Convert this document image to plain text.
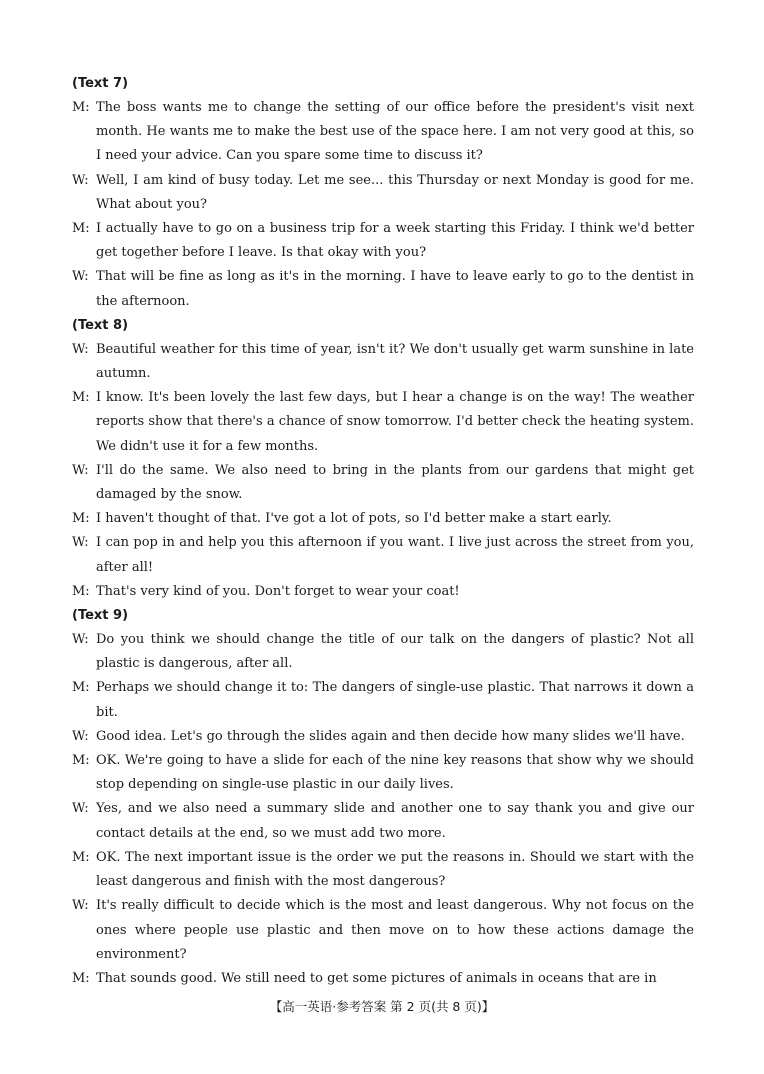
(Text 7)
M: The boss wants me to change the setting of our office before the president's visit next month. He wants me to make the best use of the space here. I am not very good at this, so I need your advice. Can you spare some time to discuss it?
W: Well, I am kind of busy today. Let me see... this Thursday or next Monday is good for me. What about you?
M: I actually have to go on a business trip for a week starting this Friday. I think we'd better get together before I leave. Is that okay with you?
W: That will be fine as long as it's in the morning. I have to leave early to go to the dentist in the afternoon.
(Text 8)
W: Beautiful weather for this time of year, isn't it? We don't usually get warm sunshine in late autumn.
M: I know. It's been lovely the last few days, but I hear a change is on the way! The weather reports show that there's a chance of snow tomorrow. I'd better check the heating system. We didn't use it for a few months.
W: I'll do the same. We also need to bring in the plants from our gardens that might get damaged by the snow.
M: I haven't thought of that. I've got a lot of pots, so I'd better make a start early.
W: I can pop in and help you this afternoon if you want. I live just across the street from you, after all!
M: That's very kind of you. Don't forget to wear your coat!
(Text 9)
W: Do you think we should change the title of our talk on the dangers of plastic? Not all plastic is dangerous, after all.
M: Perhaps we should change it to: The dangers of single-use plastic. That narrows it down a bit.
W: Good idea. Let's go through the slides again and then decide how many slides we'll have.
M: OK. We're going to have a slide for each of the nine key reasons that show why we should stop depending on single-use plastic in our daily lives.
W: Yes, and we also need a summary slide and another one to say thank you and give our contact details at the end, so we must add two more.
M: OK. The next important issue is the order we put the reasons in. Should we start with the least dangerous and finish with the most dangerous?
W: It's really difficult to decide which is the most and least dangerous. Why not focus on the ones where people use plastic and then move on to how these actions damage the environment?
M: That sounds good. We still need to get some pictures of animals in oceans that are in
【高一英语·参考答案 第 2 页(共 8 页)】
